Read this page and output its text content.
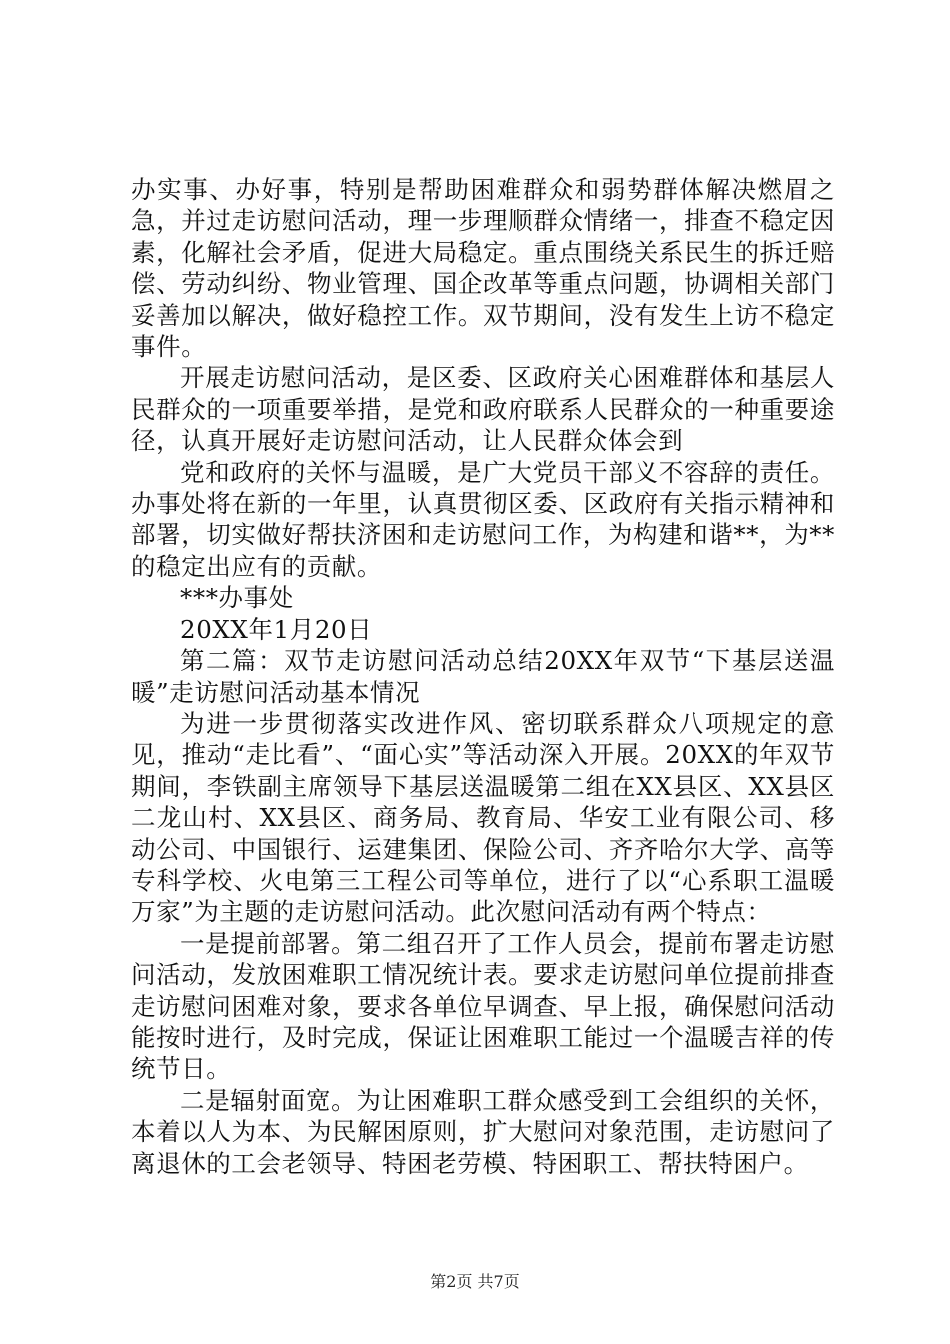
办实事、办好事，特别是帮助困难群众和弱势群体解决燃眉之急，并过走访慰问活动，理一步理顺群众情绪一，排查不稳定因素，化解社会矛盾，促进大局稳定。重点围绕关系民生的拆迁赔偿、劳动纠纷、物业管理、国企改革等重点问题，协调相关部门妥善加以解决，做好稳控工作。双节期间，没有发生上访不稳定事件。

开展走访慰问活动，是区委、区政府关心困难群体和基层人民群众的一项重要举措，是党和政府联系人民群众的一种重要途径，认真开展好走访慰问活动，让人民群众体会到

党和政府的关怀与温暖，是广大党员干部义不容辞的责任。办事处将在新的一年里，认真贯彻区委、区政府有关指示精神和部署，切实做好帮扶济困和走访慰问工作，为构建和谐**，为**的稳定出应有的贡献。

***办事处

20XX年1月20日

第二篇：双节走访慰问活动总结20XX年双节“下基层送温暖”走访慰问活动基本情况

为进一步贯彻落实改进作风、密切联系群众八项规定的意见，推动“走比看”、“面心实”等活动深入开展。20XX的年双节期间，李铁副主席领导下基层送温暖第二组在XX县区、XX县区二龙山村、XX县区、商务局、教育局、华安工业有限公司、移动公司、中国银行、运建集团、保险公司、齐齐哈尔大学、高等专科学校、火电第三工程公司等单位，进行了以“心系职工温暖万家”为主题的走访慰问活动。此次慰问活动有两个特点：

一是提前部署。第二组召开了工作人员会，提前布署走访慰问活动，发放困难职工情况统计表。要求走访慰问单位提前排查走访慰问困难对象，要求各单位早调查、早上报，确保慰问活动能按时进行，及时完成，保证让困难职工能过一个温暖吉祥的传统节日。

二是辐射面宽。为让困难职工群众感受到工会组织的关怀，本着以人为本、为民解困原则，扩大慰问对象范围，走访慰问了离退休的工会老领导、特困老劳模、特困职工、帮扶特困户。

第2页 共7页
